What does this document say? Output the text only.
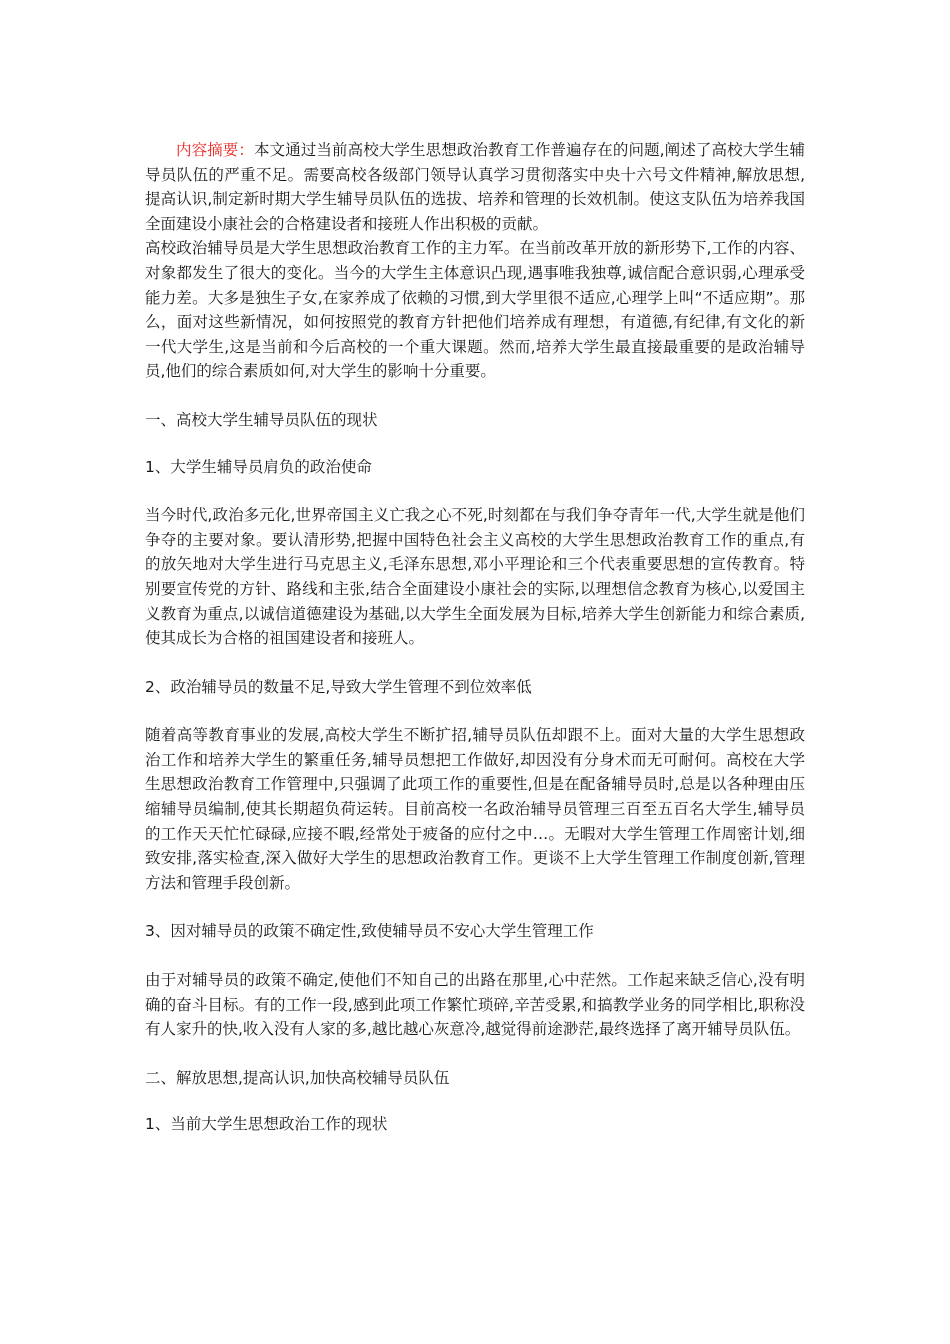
内容摘要：本文通过当前高校大学生思想政治教育工作普遍存在的问题,阐述了高校大学生辅导员队伍的严重不足。需要高校各级部门领导认真学习贯彻落实中央十六号文件精神,解放思想,提高认识,制定新时期大学生辅导员队伍的选拔、培养和管理的长效机制。使这支队伍为培养我国全面建设小康社会的合格建设者和接班人作出积极的贡献。

高校政治辅导员是大学生思想政治教育工作的主力军。在当前改革开放的新形势下,工作的内容、对象都发生了很大的变化。当今的大学生主体意识凸现,遇事唯我独尊,诚信配合意识弱,心理承受能力差。大多是独生子女,在家养成了依赖的习惯,到大学里很不适应,心理学上叫“不适应期”。那么，面对这些新情况，如何按照党的教育方针把他们培养成有理想，有道德,有纪律,有文化的新一代大学生,这是当前和今后高校的一个重大课题。然而,培养大学生最直接最重要的是政治辅导员,他们的综合素质如何,对大学生的影响十分重要。

一、高校大学生辅导员队伍的现状

1、大学生辅导员肩负的政治使命

当今时代,政治多元化,世界帝国主义亡我之心不死,时刻都在与我们争夺青年一代,大学生就是他们争夺的主要对象。要认清形势,把握中国特色社会主义高校的大学生思想政治教育工作的重点,有的放矢地对大学生进行马克思主义,毛泽东思想,邓小平理论和三个代表重要思想的宣传教育。特别要宣传党的方针、路线和主张,结合全面建设小康社会的实际,以理想信念教育为核心,以爱国主义教育为重点,以诚信道德建设为基础,以大学生全面发展为目标,培养大学生创新能力和综合素质,使其成长为合格的祖国建设者和接班人。

2、政治辅导员的数量不足,导致大学生管理不到位效率低

随着高等教育事业的发展,高校大学生不断扩招,辅导员队伍却跟不上。面对大量的大学生思想政治工作和培养大学生的繁重任务,辅导员想把工作做好,却因没有分身术而无可耐何。高校在大学生思想政治教育工作管理中,只强调了此项工作的重要性,但是在配备辅导员时,总是以各种理由压缩辅导员编制,使其长期超负荷运转。目前高校一名政治辅导员管理三百至五百名大学生,辅导员的工作天天忙忙碌碌,应接不暇,经常处于疲备的应付之中…。无暇对大学生管理工作周密计划,细致安排,落实检查,深入做好大学生的思想政治教育工作。更谈不上大学生管理工作制度创新,管理方法和管理手段创新。

3、因对辅导员的政策不确定性,致使辅导员不安心大学生管理工作

由于对辅导员的政策不确定,使他们不知自己的出路在那里,心中茫然。工作起来缺乏信心,没有明确的奋斗目标。有的工作一段,感到此项工作繁忙琐碎,辛苦受累,和搞教学业务的同学相比,职称没有人家升的快,收入没有人家的多,越比越心灰意冷,越觉得前途渺茫,最终选择了离开辅导员队伍。

二、解放思想,提高认识,加快高校辅导员队伍

1、当前大学生思想政治工作的现状
